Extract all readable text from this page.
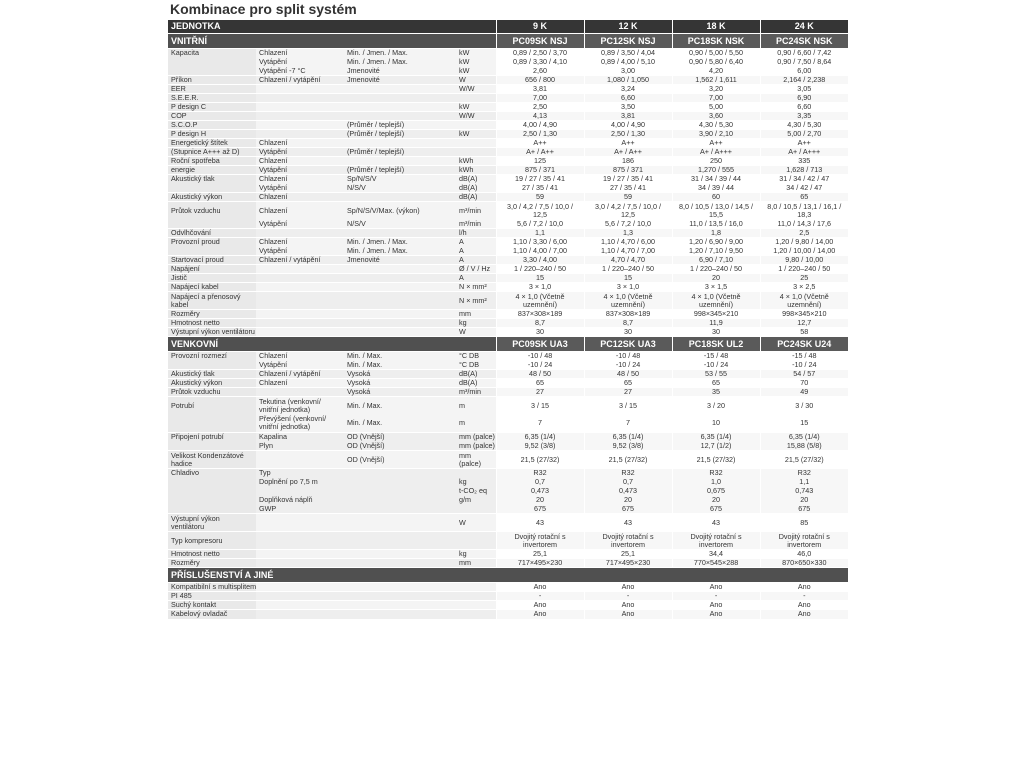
Kombinace pro split systém
JEDNOTKA				9 K	12 K	18 K	24 K
VNITŘNÍ				PC09SK NSJ	PC12SK NSJ	PC18SK NSK	PC24SK NSK
Kapacita	Chlazení	Min. / Jmen. / Max.	kW	0,89 / 2,50 / 3,70	0,89 / 3,50 / 4,04	0,90 / 5,00 / 5,50	0,90 / 6,60 / 7,42
	Vytápění	Min. / Jmen. / Max.	kW	0,89 / 3,30 / 4,10	0,89 / 4,00 / 5,10	0,90 / 5,80 / 6,40	0,90 / 7,50 / 8,64
	Vytápění -7 °C	Jmenovité	kW	2,60	3,00	4,20	6,00
Příkon	Chlazení / vytápění	Jmenovité	W	656 / 800	1,080 / 1,050	1,562 / 1,611	2,164 / 2,238
EER			W/W	3,81	3,24	3,20	3,05
S.E.E.R.				7,00	6,60	7,00	6,90
P design C			kW	2,50	3,50	5,00	6,60
COP			W/W	4,13	3,81	3,60	3,35
S.C.O.P		(Průměr / teplejší)		4,00 / 4,90	4,00 / 4,90	4,30 / 5,30	4,30 / 5,30
P design H		(Průměr / teplejší)	kW	2,50 / 1,30	2,50 / 1,30	3,90 / 2,10	5,00 / 2,70
Energetický štítek	Chlazení			A++	A++	A++	A++
(Stupnice A+++ až D)	Vytápění	(Průměr / teplejší)		A+ / A++	A+ / A++	A+ / A+++	A+ / A+++
Roční spotřeba	Chlazení		kWh	125	186	250	335
energie	Vytápění	(Průměr / teplejší)	kWh	875 / 371	875 / 371	1,270 / 555	1,628 / 713
Akustický tlak	Chlazení	Sp/N/S/V	dB(A)	19 / 27 / 35 / 41	19 / 27 / 35 / 41	31 / 34 / 39 / 44	31 / 34 / 42 / 47
	Vytápění	N/S/V	dB(A)	27 / 35 / 41	27 / 35 / 41	34 / 39 / 44	34 / 42 / 47
Akustický výkon	Chlazení		dB(A)	59	59	60	65
Průtok vzduchu	Chlazení	Sp/N/S/V/Max. (výkon)	m³/min	3,0 / 4,2 / 7,5 / 10,0 / 12,5	3,0 / 4,2 / 7,5 / 10,0 / 12,5	8,0 / 10,5 / 13,0 / 14,5 / 15,5	8,0 / 10,5 / 13,1 / 16,1 / 18,3
	Vytápění	N/S/V	m³/min	5,6 / 7,2 / 10,0	5,6 / 7,2 / 10,0	11,0 / 13,5 / 16,0	11,0 / 14,3 / 17,6
Odvlhčování			l/h	1,1	1,3	1,8	2,5
Provozní proud	Chlazení	Min. / Jmen. / Max.	A	1,10 / 3,30 / 6,00	1,10 / 4,70 / 6,00	1,20 / 6,90 / 9,00	1,20 / 9,80 / 14,00
	Vytápění	Min. / Jmen. / Max.	A	1,10 / 4,00 / 7,00	1,10 / 4,70 / 7,00	1,20 / 7,10 / 9,50	1,20 / 10,00 / 14,00
Startovací proud	Chlazení / vytápění	Jmenovité	A	3,30 / 4,00	4,70 / 4,70	6,90 / 7,10	9,80 / 10,00
Napájení			Ø / V / Hz	1 / 220–240 / 50	1 / 220–240 / 50	1 / 220–240 / 50	1 / 220–240 / 50
Jistič			A	15	15	20	25
Napájecí kabel			N × mm²	3 × 1,0	3 × 1,0	3 × 1,5	3 × 2,5
Napájecí a přenosový kabel			N × mm²	4 × 1,0 (Včetně uzemnění)	4 × 1,0 (Včetně uzemnění)	4 × 1,0 (Včetně uzemnění)	4 × 1,0 (Včetně uzemnění)
Rozměry			mm	837×308×189	837×308×189	998×345×210	998×345×210
Hmotnost netto			kg	8,7	8,7	11,9	12,7
Výstupní výkon ventilátoru			W	30	30	30	58
VENKOVNÍ				PC09SK UA3	PC12SK UA3	PC18SK UL2	PC24SK U24
Provozní rozmezí	Chlazení	Min. / Max.	°C DB	-10 / 48	-10 / 48	-15 / 48	-15 / 48
	Vytápění	Min. / Max.	°C DB	-10 / 24	-10 / 24	-10 / 24	-10 / 24
Akustický tlak	Chlazení / vytápění	Vysoká	dB(A)	48 / 50	48 / 50	53 / 55	54 / 57
Akustický výkon	Chlazení	Vysoká	dB(A)	65	65	65	70
Průtok vzduchu		Vysoká	m³/min	27	27	35	49
Potrubí	Tekutina (venkovní/ vnitřní jednotka)	Min. / Max.	m	3 / 15	3 / 15	3 / 20	3 / 30
	Převýšení (venkovní/ vnitřní jednotka)	Min. / Max.	m	7	7	10	15
Připojení potrubí	Kapalina	OD (Vnější)	mm (palce)	6,35 (1/4)	6,35 (1/4)	6,35 (1/4)	6,35 (1/4)
	Plyn	OD (Vnější)	mm (palce)	9,52 (3/8)	9,52 (3/8)	12,7 (1/2)	15,88 (5/8)
Velikost Kondenzátové hadice		OD (Vnější)	mm (palce)	21,5 (27/32)	21,5 (27/32)	21,5 (27/32)	21,5 (27/32)
Chladivo	Typ			R32	R32	R32	R32
	Doplnění po 7,5 m		kg	0,7	0,7	1,0	1,1
			t-CO₂ eq	0,473	0,473	0,675	0,743
	Doplňková náplň		g/m	20	20	20	20
	GWP			675	675	675	675
Výstupní výkon ventilátoru			W	43	43	43	85
Typ kompresoru				Dvojitý rotační s invertorem	Dvojitý rotační s invertorem	Dvojitý rotační s invertorem	Dvojitý rotační s invertorem
Hmotnost netto			kg	25,1	25,1	34,4	46,0
Rozměry			mm	717×495×230	717×495×230	770×545×288	870×650×330
PŘÍSLUŠENSTVÍ A JINÉ							
Kompatibilní s multisplitem				Ano	Ano	Ano	Ano
PI 485				-	-	-	-
Suchý kontakt				Ano	Ano	Ano	Ano
Kabelový ovladač				Ano	Ano	Ano	Ano
